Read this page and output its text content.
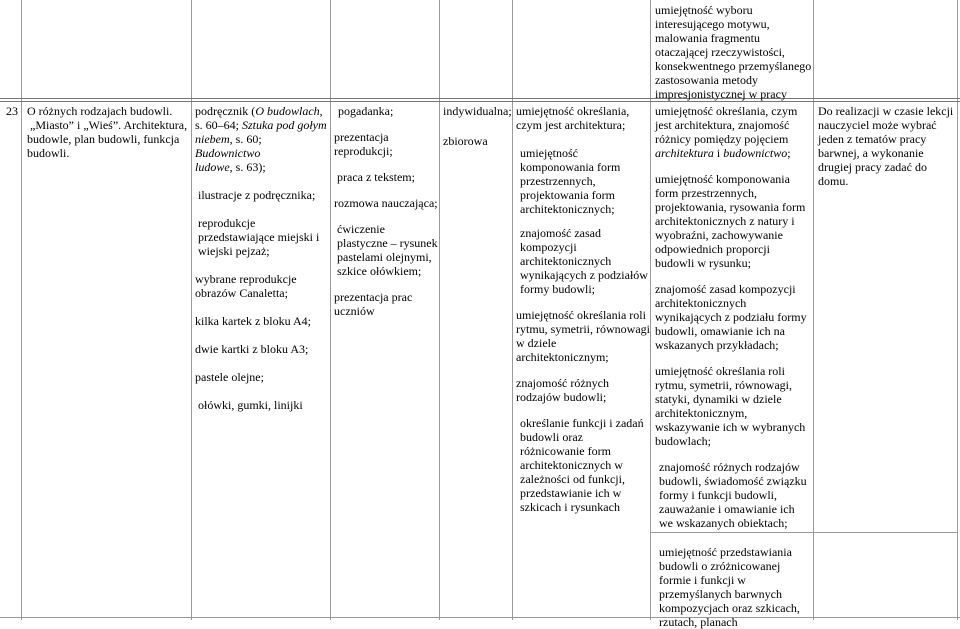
umiejętność wyboru interesującego motywu, malowania fragmentu otaczającej rzeczywistości, konsekwentnego przemyślanego zastosowania metody impresjonistycznej w pracy
23 O różnych rodzajach budowli.
„Miasto” i „Wieś”. Architektura,
budowle, plan budowli, funkcja
budowli.
podręcznik (O budowlach,
s. 60–64; Sztuka pod gołym
niebem, s. 60; Budownictwo
ludowe, s. 63);
ilustracje z podręcznika;
reprodukcje przedstawiające miejski i wiejski pejzaż;
wybrane reprodukcje obrazów Canaletta;
kilka kartek z bloku A4;
dwie kartki z bloku A3;
pastele olejne;
ołówki, gumki, linijki
pogadanka;
prezentacja reprodukcji;
praca z tekstem;
rozmowa nauczająca;
ćwiczenie plastyczne – rysunek pastelami olejnymi, szkice ołówkiem;
prezentacja prac uczniów
indywidualna;
zbiorowa
umiejętność określania, czym jest architektura;
umiejętność komponowania form przestrzennych, projektowania form architektonicznych;
znajomość zasad kompozycji architektonicznych wynikających z podziałów formy budowli;
umiejętność określania roli rytmu, symetrii, równowagi w dziele architektonicznym;
znajomość różnych rodzajów budowli;
określanie funkcji i zadań budowli oraz różnicowanie form architektonicznych w zależności od funkcji, przedstawianie ich w szkicach i rysunkach
umiejętność określania, czym jest architektura, znajomość różnicy pomiędzy pojęciem architektura i budownictwo;
umiejętność komponowania form przestrzennych, projektowania, rysowania form architektonicznych z natury i wyobraźni, zachowywanie odpowiednich proporcji budowli w rysunku;
znajomość zasad kompozycji architektonicznych wynikających z podziału formy budowli, omawianie ich na wskazanych przykładach;
umiejętność określania roli rytmu, symetrii, równowagi, statyki, dynamiki w dziele architektonicznym, wskazywanie ich w wybranych budowlach;
znajomość różnych rodzajów budowli, świadomość związku formy i funkcji budowli, zauważanie i omawianie ich we wskazanych obiektach;
umiejętność przedstawiania budowli o zróżnicowanej formie i funkcji w przemyślanych barwnych kompozycjach oraz szkicach, rzutach, planach
Do realizacji w czasie lekcji nauczyciel może wybrać jeden z tematów pracy barwnej, a wykonanie drugiej pracy zadać do domu.
